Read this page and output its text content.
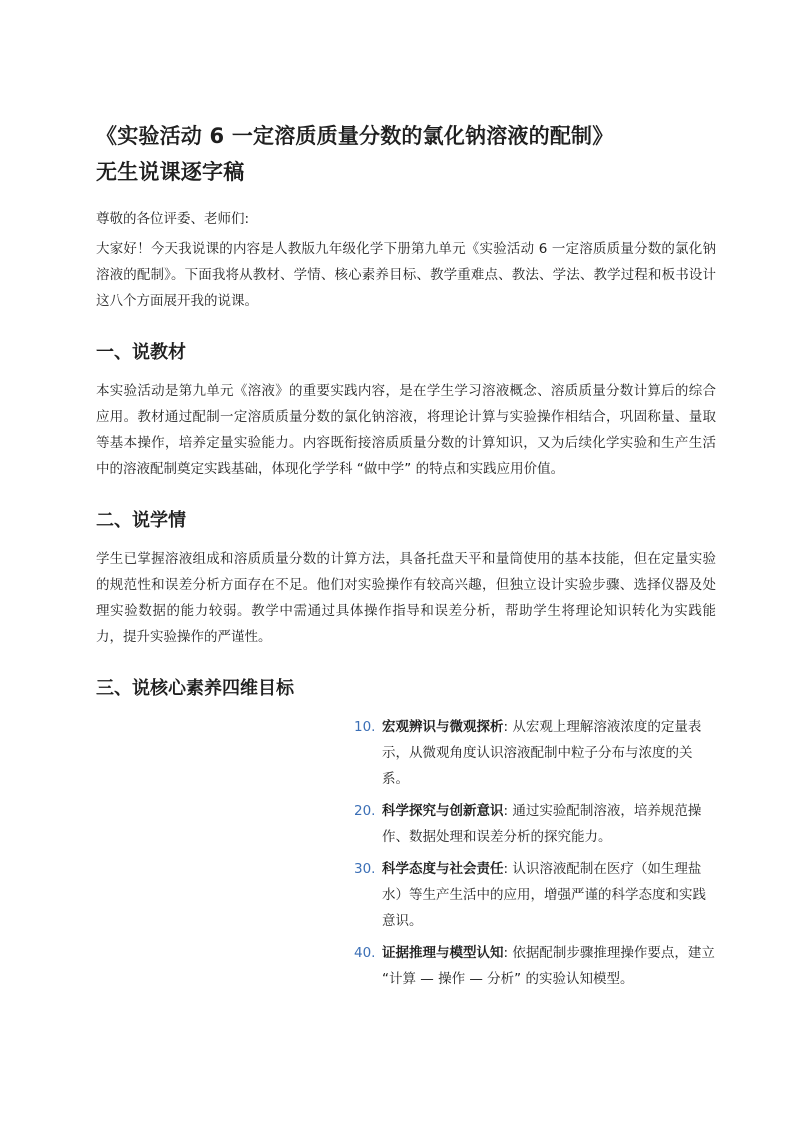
《实验活动 6 一定溶质质量分数的氯化钠溶液的配制》
无生说课逐字稿

尊敬的各位评委、老师们:

大家好！今天我说课的内容是人教版九年级化学下册第九单元《实验活动 6 一定溶质质量分数的氯化钠溶液的配制》。下面我将从教材、学情、核心素养目标、教学重难点、教法、学法、教学过程和板书设计这八个方面展开我的说课。

一、说教材

本实验活动是第九单元《溶液》的重要实践内容，是在学生学习溶液概念、溶质质量分数计算后的综合应用。教材通过配制一定溶质质量分数的氯化钠溶液，将理论计算与实验操作相结合，巩固称量、量取等基本操作，培养定量实验能力。内容既衔接溶质质量分数的计算知识，又为后续化学实验和生产生活中的溶液配制奠定实践基础，体现化学学科 “做中学” 的特点和实践应用价值。

二、说学情

学生已掌握溶液组成和溶质质量分数的计算方法，具备托盘天平和量筒使用的基本技能，但在定量实验的规范性和误差分析方面存在不足。他们对实验操作有较高兴趣，但独立设计实验步骤、选择仪器及处理实验数据的能力较弱。教学中需通过具体操作指导和误差分析，帮助学生将理论知识转化为实践能力，提升实验操作的严谨性。

三、说核心素养四维目标
10. 宏观辨识与微观探析: 从宏观上理解溶液浓度的定量表示，从微观角度认识溶液配制中粒子分布与浓度的关系。
20. 科学探究与创新意识: 通过实验配制溶液，培养规范操作、数据处理和误差分析的探究能力。
30. 科学态度与社会责任: 认识溶液配制在医疗（如生理盐水）等生产生活中的应用，增强严谨的科学态度和实践意识。
40. 证据推理与模型认知: 依据配制步骤推理操作要点，建立 “计算 — 操作 — 分析” 的实验认知模型。
